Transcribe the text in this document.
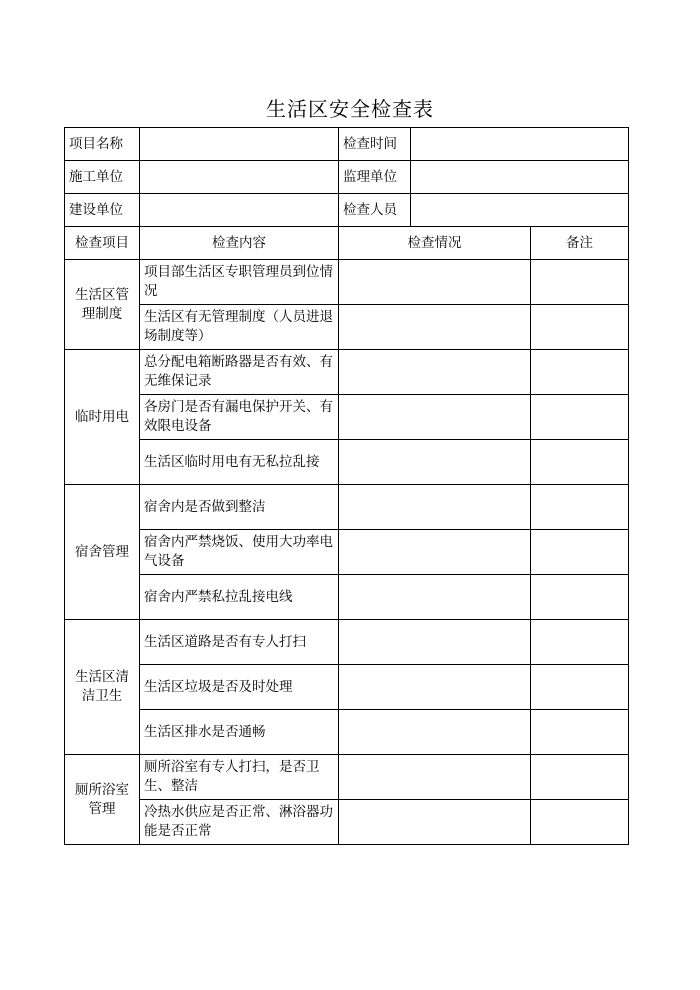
生活区安全检查表
项目名称		检查时间		
施工单位		监理单位		
建设单位		检查人员		
检查项目	检查内容	检查情况		备注
生活区管理制度	项目部生活区专职管理员到位情况			
	生活区有无管理制度（人员进退场制度等）			
临时用电	总分配电箱断路器是否有效、有无维保记录			
	各房门是否有漏电保护开关、有效限电设备			
	生活区临时用电有无私拉乱接			
宿舍管理	宿舍内是否做到整洁			
	宿舍内严禁烧饭、使用大功率电气设备			
	宿舍内严禁私拉乱接电线			
生活区清洁卫生	生活区道路是否有专人打扫			
	生活区垃圾是否及时处理			
	生活区排水是否通畅			
厕所浴室管理	厕所浴室有专人打扫，是否卫生、整洁			
	冷热水供应是否正常、淋浴器功能是否正常			
